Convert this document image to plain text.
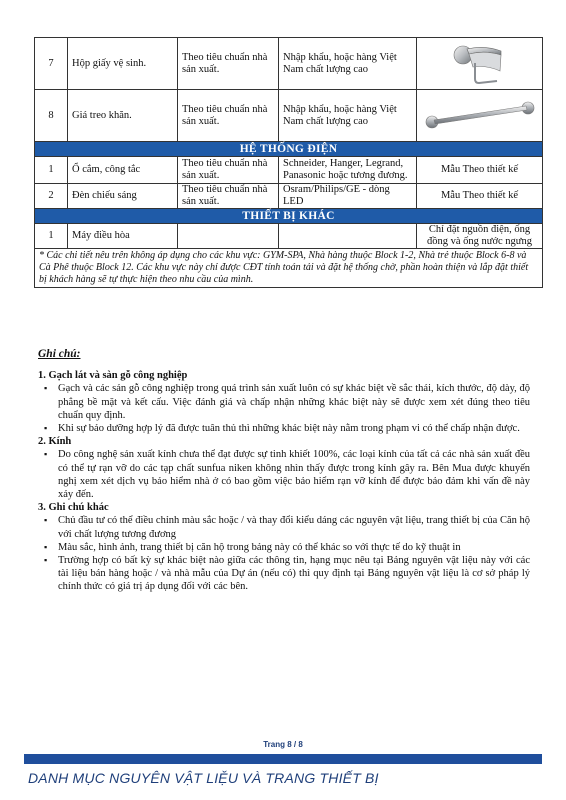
7	Hộp giấy vệ sinh.	Theo tiêu chuẩn nhà sản xuất.	Nhập khẩu, hoặc hàng Việt Nam chất lượng cao	

8	Giá treo khăn.	Theo tiêu chuẩn nhà sản xuất.	Nhập khẩu, hoặc hàng Việt Nam chất lượng cao	

HỆ THỐNG ĐIỆN				
1	Ổ cắm, công tắc	Theo tiêu chuẩn nhà sản xuất.	Schneider, Hanger, Legrand, Panasonic hoặc tương đương.	Mẫu Theo thiết kế
2	Đèn chiếu sáng	Theo tiêu chuẩn nhà sản xuất.	Osram/Philips/GE - dòng LED	Mẫu Theo thiết kế
THIẾT BỊ KHÁC				
1	Máy điều hòa			Chỉ đặt nguồn điện, ống đồng và ống nước ngưng
* Các chi tiết nêu trên không áp dụng cho các khu vực: GYM-SPA, Nhà hàng thuộc Block 1-2, Nhà trẻ thuộc Block 6-8 và Cà Phê thuộc Block 12. Các khu vực này chỉ được CĐT tính toán tải và đặt hệ thống chờ, phần hoàn thiện và lắp đặt thiết bị khách hàng sẽ tự thực hiện theo nhu cầu của mình.				
Ghi chú:
1. Gạch lát và sàn gỗ công nghiệp
▪ Gạch và các sản gỗ công nghiệp trong quá trình sản xuất luôn có sự khác biệt về sắc thái, kích thước, độ dày, độ phẳng bề mặt và kết cấu. Việc đánh giá và chấp nhận những khác biệt này sẽ được xem xét đúng theo tiêu chuẩn quy định.
▪ Khi sự bảo dưỡng hợp lý đã được tuân thủ thì những khác biệt này nằm trong phạm vi có thể chấp nhận được.
2. Kính
▪ Do công nghệ sản xuất kính chưa thể đạt được sự tinh khiết 100%, các loại kính của tất cả các nhà sản xuất đều có thể tự rạn vỡ do các tạp chất sunfua niken không nhìn thấy được trong kính gây ra. Bên Mua được khuyến nghị xem xét dịch vụ bảo hiểm nhà ở có bao gồm việc bảo hiểm rạn vỡ kính để được bảo đảm khi vấn đề này xảy đến.
3. Ghi chú khác
▪ Chủ đầu tư có thể điều chỉnh màu sắc hoặc / và thay đổi kiểu dáng các nguyên vật liệu, trang thiết bị của Căn hộ với chất lượng tương đương
▪ Màu sắc, hình ảnh, trang thiết bị căn hộ trong bảng này có thể khác so với thực tế do kỹ thuật in
▪ Trường hợp có bất kỳ sự khác biệt nào giữa các thông tin, hạng mục nêu tại Bảng nguyên vật liệu này với các tài liệu bán hàng hoặc / và nhà mẫu của Dự án (nếu có) thì quy định tại Bảng nguyên vật liệu là cơ sở pháp lý chính thức có giá trị áp dụng đối với các bên.
Trang 8 / 8
DANH MỤC NGUYÊN VẬT LIỆU VÀ TRANG THIẾT BỊ
